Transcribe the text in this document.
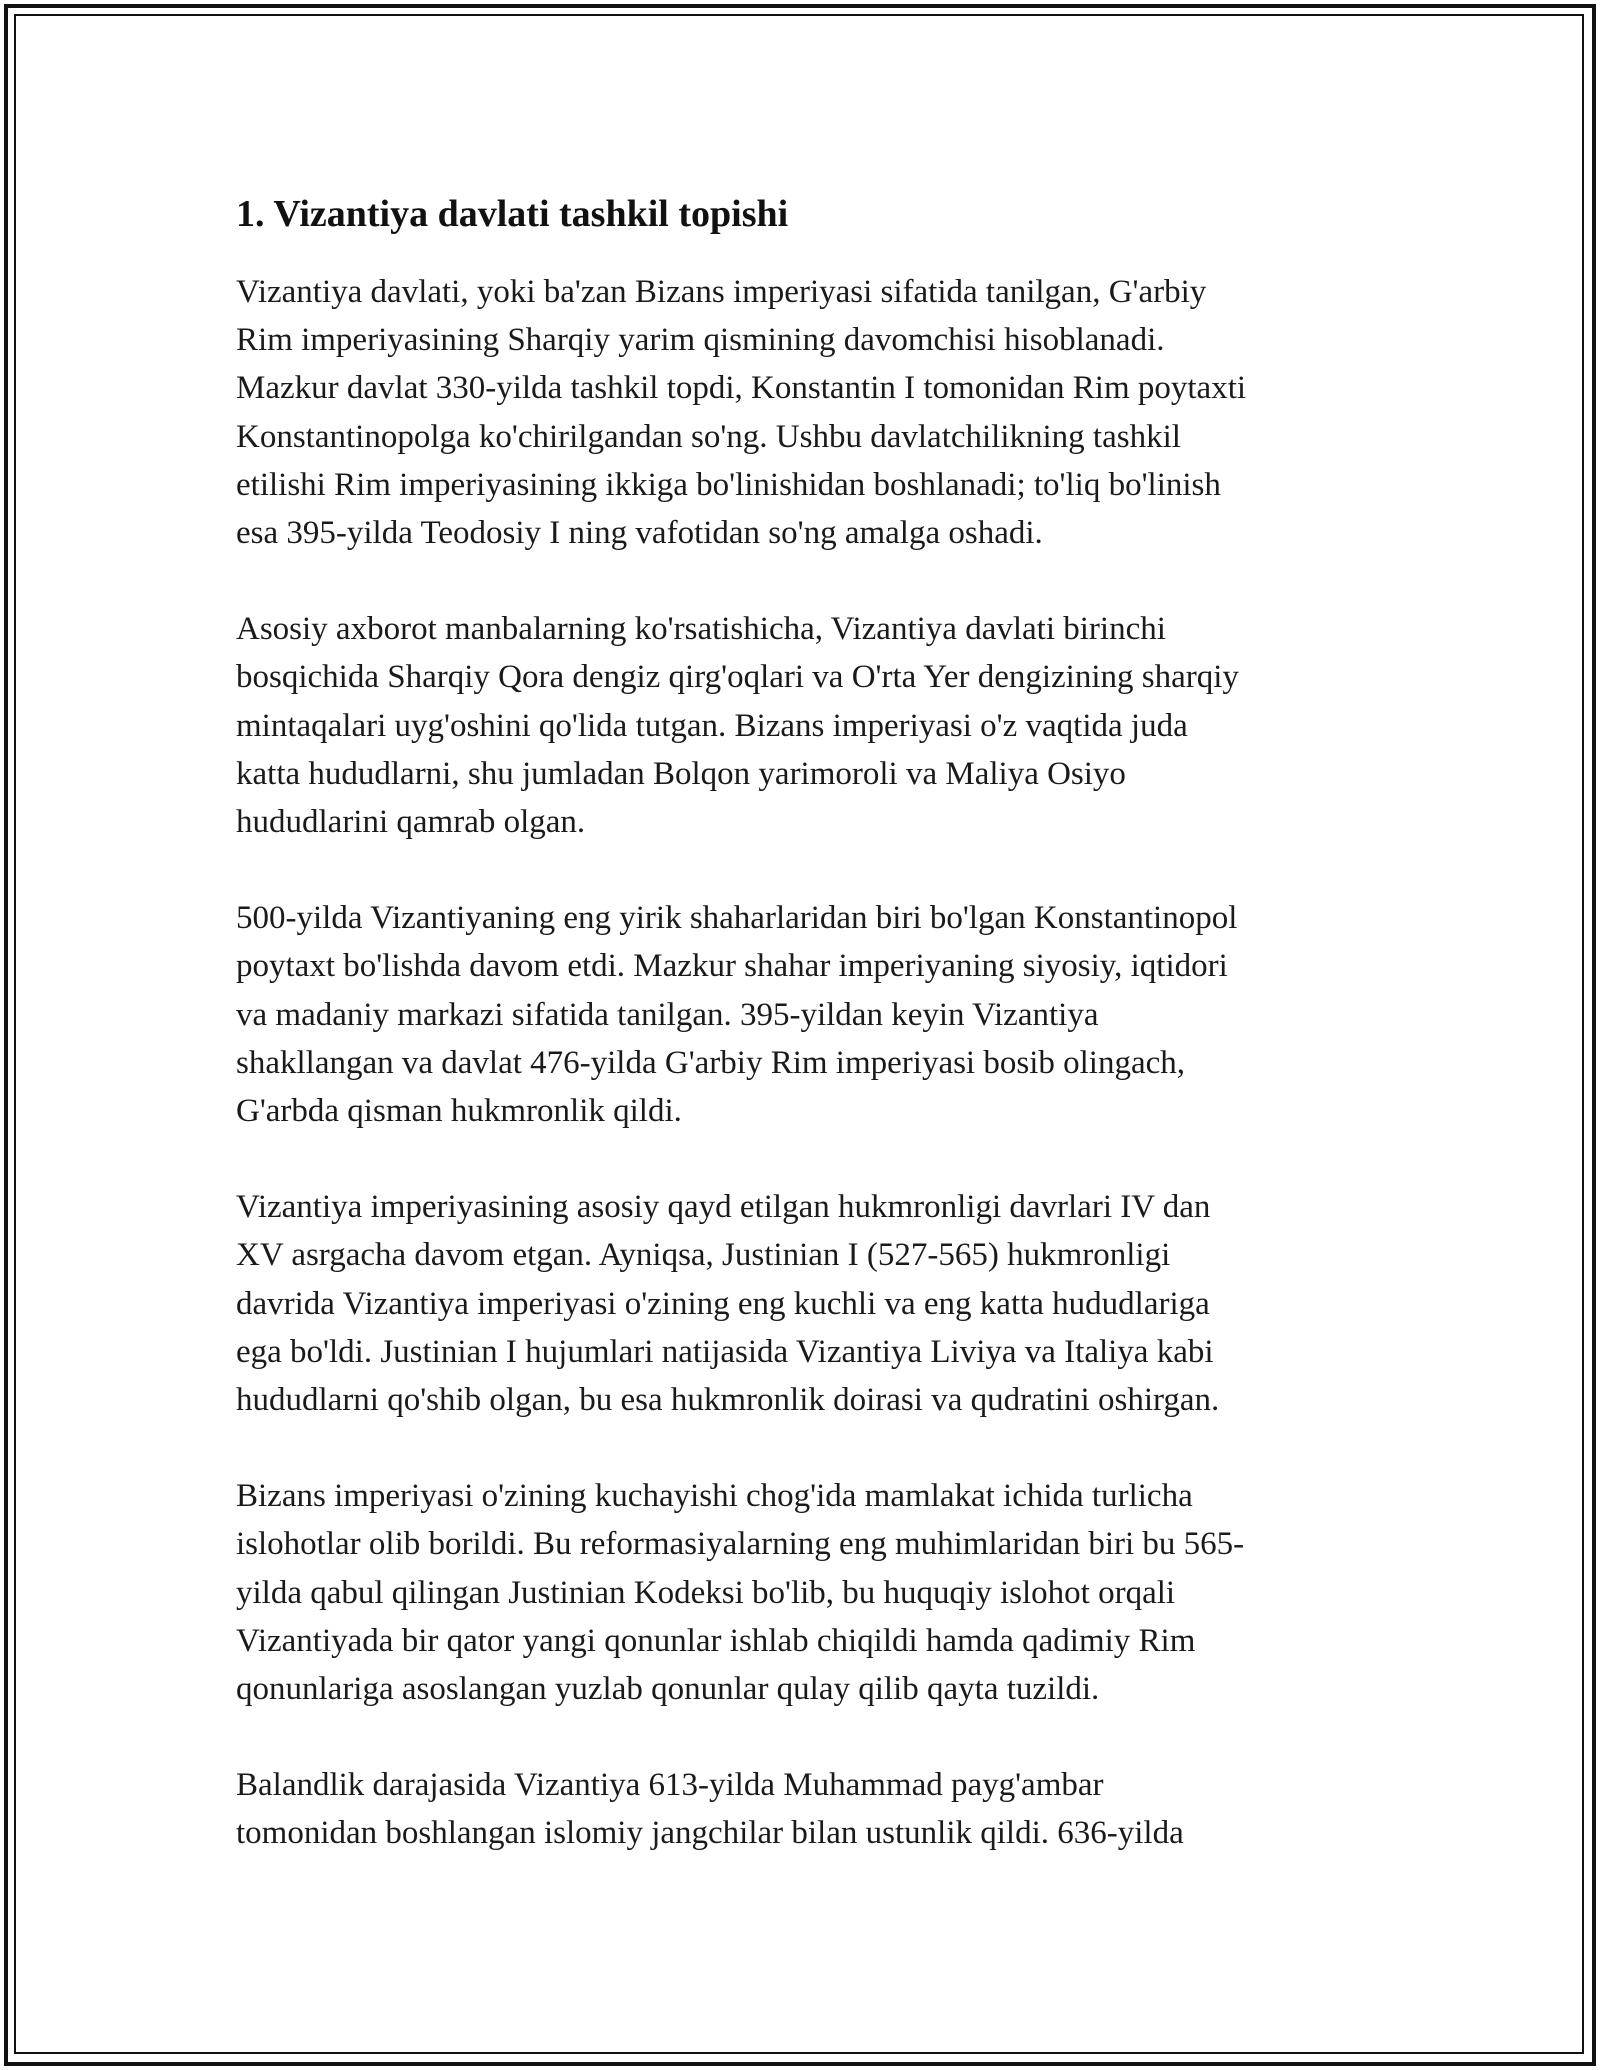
1. Vizantiya davlati tashkil topishi

Vizantiya davlati, yoki ba'zan Bizans imperiyasi sifatida tanilgan, G'arbiy
Rim imperiyasining Sharqiy yarim qismining davomchisi hisoblanadi.
Mazkur davlat 330-yilda tashkil topdi, Konstantin I tomonidan Rim poytaxti
Konstantinopolga ko'chirilgandan so'ng. Ushbu davlatchilikning tashkil
etilishi Rim imperiyasining ikkiga bo'linishidan boshlanadi; to'liq bo'linish
esa 395-yilda Teodosiy I ning vafotidan so'ng amalga oshadi.

Asosiy axborot manbalarning ko'rsatishicha, Vizantiya davlati birinchi
bosqichida Sharqiy Qora dengiz qirg'oqlari va O'rta Yer dengizining sharqiy
mintaqalari uyg'oshini qo'lida tutgan. Bizans imperiyasi o'z vaqtida juda
katta hududlarni, shu jumladan Bolqon yarimoroli va Maliya Osiyo
hududlarini qamrab olgan.

500-yilda Vizantiyaning eng yirik shaharlaridan biri bo'lgan Konstantinopol
poytaxt bo'lishda davom etdi. Mazkur shahar imperiyaning siyosiy, iqtidori
va madaniy markazi sifatida tanilgan. 395-yildan keyin Vizantiya
shakllangan va davlat 476-yilda G'arbiy Rim imperiyasi bosib olingach,
G'arbda qisman hukmronlik qildi.

Vizantiya imperiyasining asosiy qayd etilgan hukmronligi davrlari IV dan
XV asrgacha davom etgan. Ayniqsa, Justinian I (527-565) hukmronligi
davrida Vizantiya imperiyasi o'zining eng kuchli va eng katta hududlariga
ega bo'ldi. Justinian I hujumlari natijasida Vizantiya Liviya va Italiya kabi
hududlarni qo'shib olgan, bu esa hukmronlik doirasi va qudratini oshirgan.

Bizans imperiyasi o'zining kuchayishi chog'ida mamlakat ichida turlicha
islohotlar olib borildi. Bu reformasiyalarning eng muhimlaridan biri bu 565-
yilda qabul qilingan Justinian Kodeksi bo'lib, bu huquqiy islohot orqali
Vizantiyada bir qator yangi qonunlar ishlab chiqildi hamda qadimiy Rim
qonunlariga asoslangan yuzlab qonunlar qulay qilib qayta tuzildi.

Balandlik darajasida Vizantiya 613-yilda Muhammad payg'ambar
tomonidan boshlangan islomiy jangchilar bilan ustunlik qildi. 636-yilda
